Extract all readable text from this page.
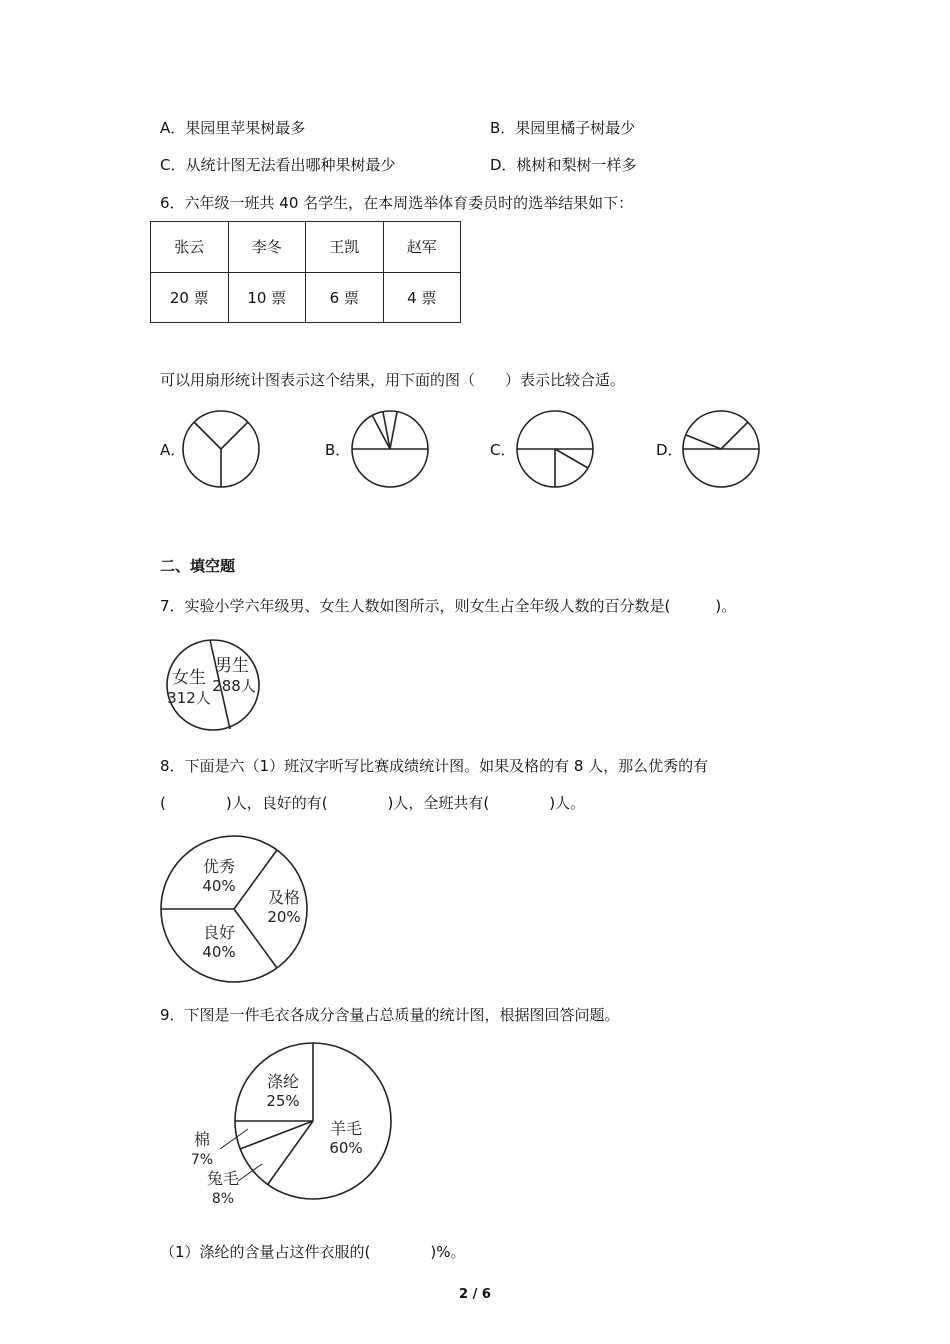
A．果园里苹果树最多	B．果园里橘子树最少
C．从统计图无法看出哪种果树最少	D．桃树和梨树一样多
6．六年级一班共 40 名学生，在本周选举体育委员时的选举结果如下：
张云	李冬	王凯	赵军
20 票	10 票	6 票	4 票
可以用扇形统计图表示这个结果，用下面的图（　　）表示比较合适。
A．	B．	C．	D．
二、填空题
7．实验小学六年级男、女生人数如图所示，则女生占全年级人数的百分数是(　　　)。
女生
312人
男生
288人
8．下面是六（1）班汉字听写比赛成绩统计图。如果及格的有 8 人，那么优秀的有
(　　　　)人，良好的有(　　　　)人，全班共有(　　　　)人。
优秀
40%
及格
20%
良好
40%
9．下图是一件毛衣各成分含量占总质量的统计图，根据图回答问题。
涤纶
25%
羊毛
60%
棉
7%
兔毛
8%
（1）涤纶的含量占这件衣服的(　　　　)%。
2 / 6
